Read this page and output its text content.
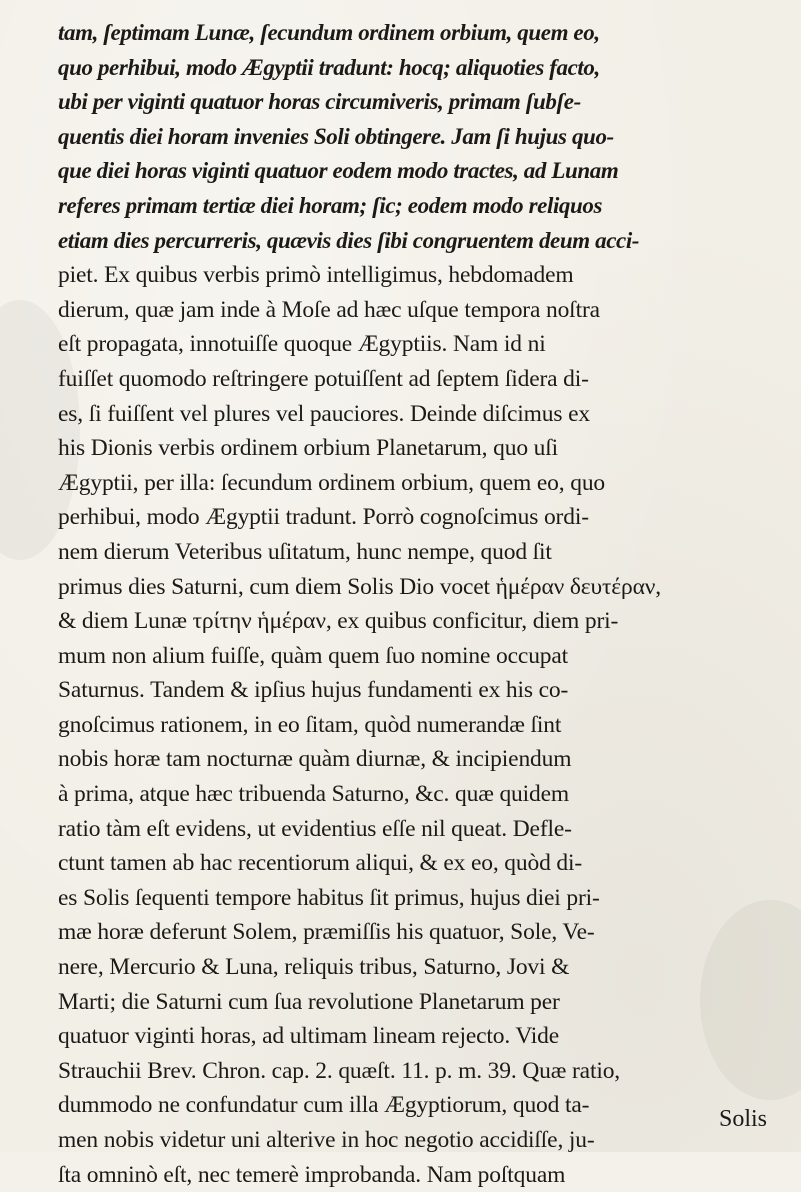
tam, ſeptimam Lunæ, ſecundum ordinem orbium, quem eo,
quo perhibui, modo Ægyptii tradunt: hocq; aliquoties facto,
ubi per viginti quatuor horas circumiveris, primam ſubſe-
quentis diei horam invenies Soli obtingere. Jam ſi hujus quo-
que diei horas viginti quatuor eodem modo tractes, ad Lunam
referes primam tertiæ diei horam; ſic; eodem modo reliquos
etiam dies percurreris, quævis dies ſibi congruentem deum acci-
piet. Ex quibus verbis primò intelligimus, hebdomadem
dierum, quæ jam inde à Moſe ad hæc uſque tempora noſtra
eſt propagata, innotuiſſe quoque Ægyptiis. Nam id ni
fuiſſet quomodo reſtringere potuiſſent ad ſeptem ſidera di-
es, ſi fuiſſent vel plures vel pauciores. Deinde diſcimus ex
his Dionis verbis ordinem orbium Planetarum, quo uſi
Ægyptii, per illa: ſecundum ordinem orbium, quem eo, quo
perhibui, modo Ægyptii tradunt. Porrò cognoſcimus ordi-
nem dierum Veteribus uſitatum, hunc nempe, quod ſit
primus dies Saturni, cum diem Solis Dio vocet ἡμέραν δευτέραν,
& diem Lunæ τρίτην ἡμέραν, ex quibus conficitur, diem pri-
mum non alium fuiſſe, quàm quem ſuo nomine occupat
Saturnus. Tandem & ipſius hujus fundamenti ex his co-
gnoſcimus rationem, in eo ſitam, quòd numerandæ ſint
nobis horæ tam nocturnæ quàm diurnæ, & incipiendum
à prima, atque hæc tribuenda Saturno, &c. quæ quidem
ratio tàm eſt evidens, ut evidentius eſſe nil queat. Defle-
ctunt tamen ab hac recentiorum aliqui, & ex eo, quòd di-
es Solis ſequenti tempore habitus ſit primus, hujus diei pri-
mæ horæ deferunt Solem, præmiſſis his quatuor, Sole, Ve-
nere, Mercurio & Luna, reliquis tribus, Saturno, Jovi &
Marti; die Saturni cum ſua revolutione Planetarum per
quatuor viginti horas, ad ultimam lineam rejecto. Vide
Strauchii Brev. Chron. cap. 2. quæſt. 11. p. m. 39. Quæ ratio,
dummodo ne confundatur cum illa Ægyptiorum, quod ta-
men nobis videtur uni alterive in hoc negotio accidiſſe, ju-
ſta omninò eſt, nec temerè improbanda. Nam poſtquam
Solis
